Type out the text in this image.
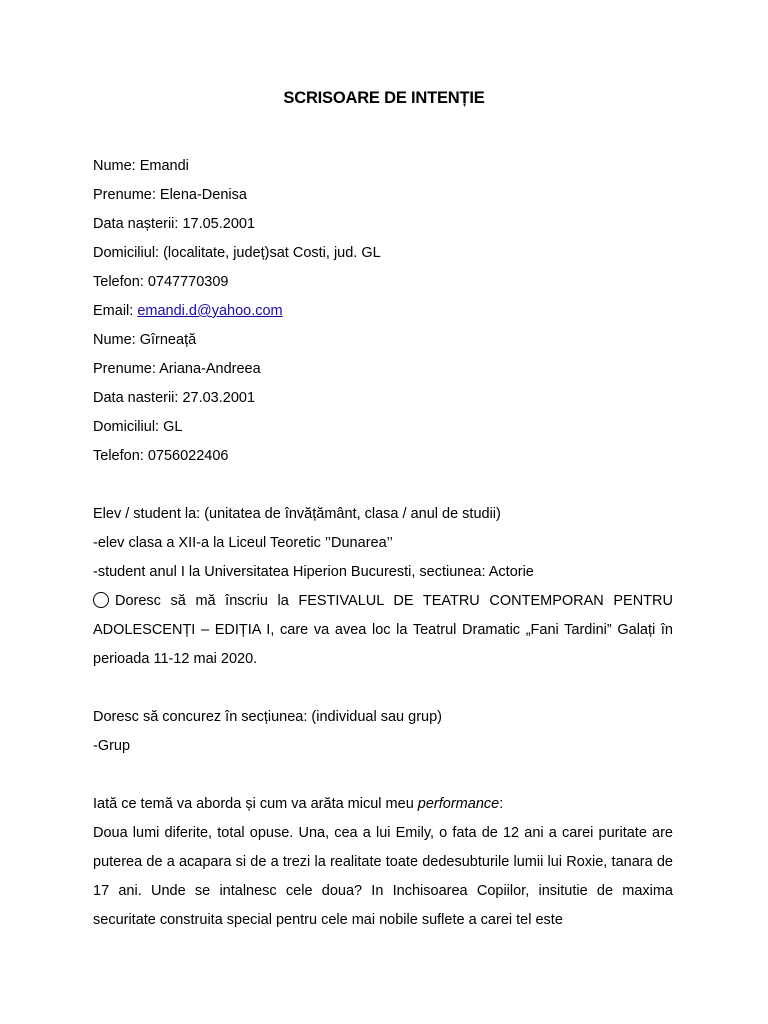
SCRISOARE DE INTENȚIE
Nume: Emandi
Prenume: Elena-Denisa
Data nașterii: 17.05.2001
Domiciliul: (localitate, județ)sat Costi, jud. GL
Telefon: 0747770309
Email: emandi.d@yahoo.com
Nume: Gîrneață
Prenume: Ariana-Andreea
Data nasterii: 27.03.2001
Domiciliul: GL
Telefon: 0756022406
Elev / student la: (unitatea de învățământ, clasa / anul de studii)
-elev clasa a XII-a la Liceul Teoretic ’’Dunarea’’
-student anul I la Universitatea Hiperion Bucuresti, sectiunea: Actorie
Doresc să mă înscriu la FESTIVALUL DE TEATRU CONTEMPORAN PENTRU ADOLESCENȚI – EDIȚIA I, care va avea loc la Teatrul Dramatic „Fani Tardini” Galați în perioada 11-12 mai 2020.
Doresc să concurez în secțiunea: (individual sau grup)
-Grup
Iată ce temă va aborda și cum va arăta micul meu performance:
Doua lumi diferite, total opuse. Una, cea a lui Emily, o fata de 12 ani a carei puritate are puterea de a acapara si de a trezi la realitate toate dedesubturile lumii lui Roxie, tanara de 17 ani. Unde se intalnesc cele doua? In Inchisoarea Copiilor, insitutie de maxima securitate construita special pentru cele mai nobile suflete a carei tel este
